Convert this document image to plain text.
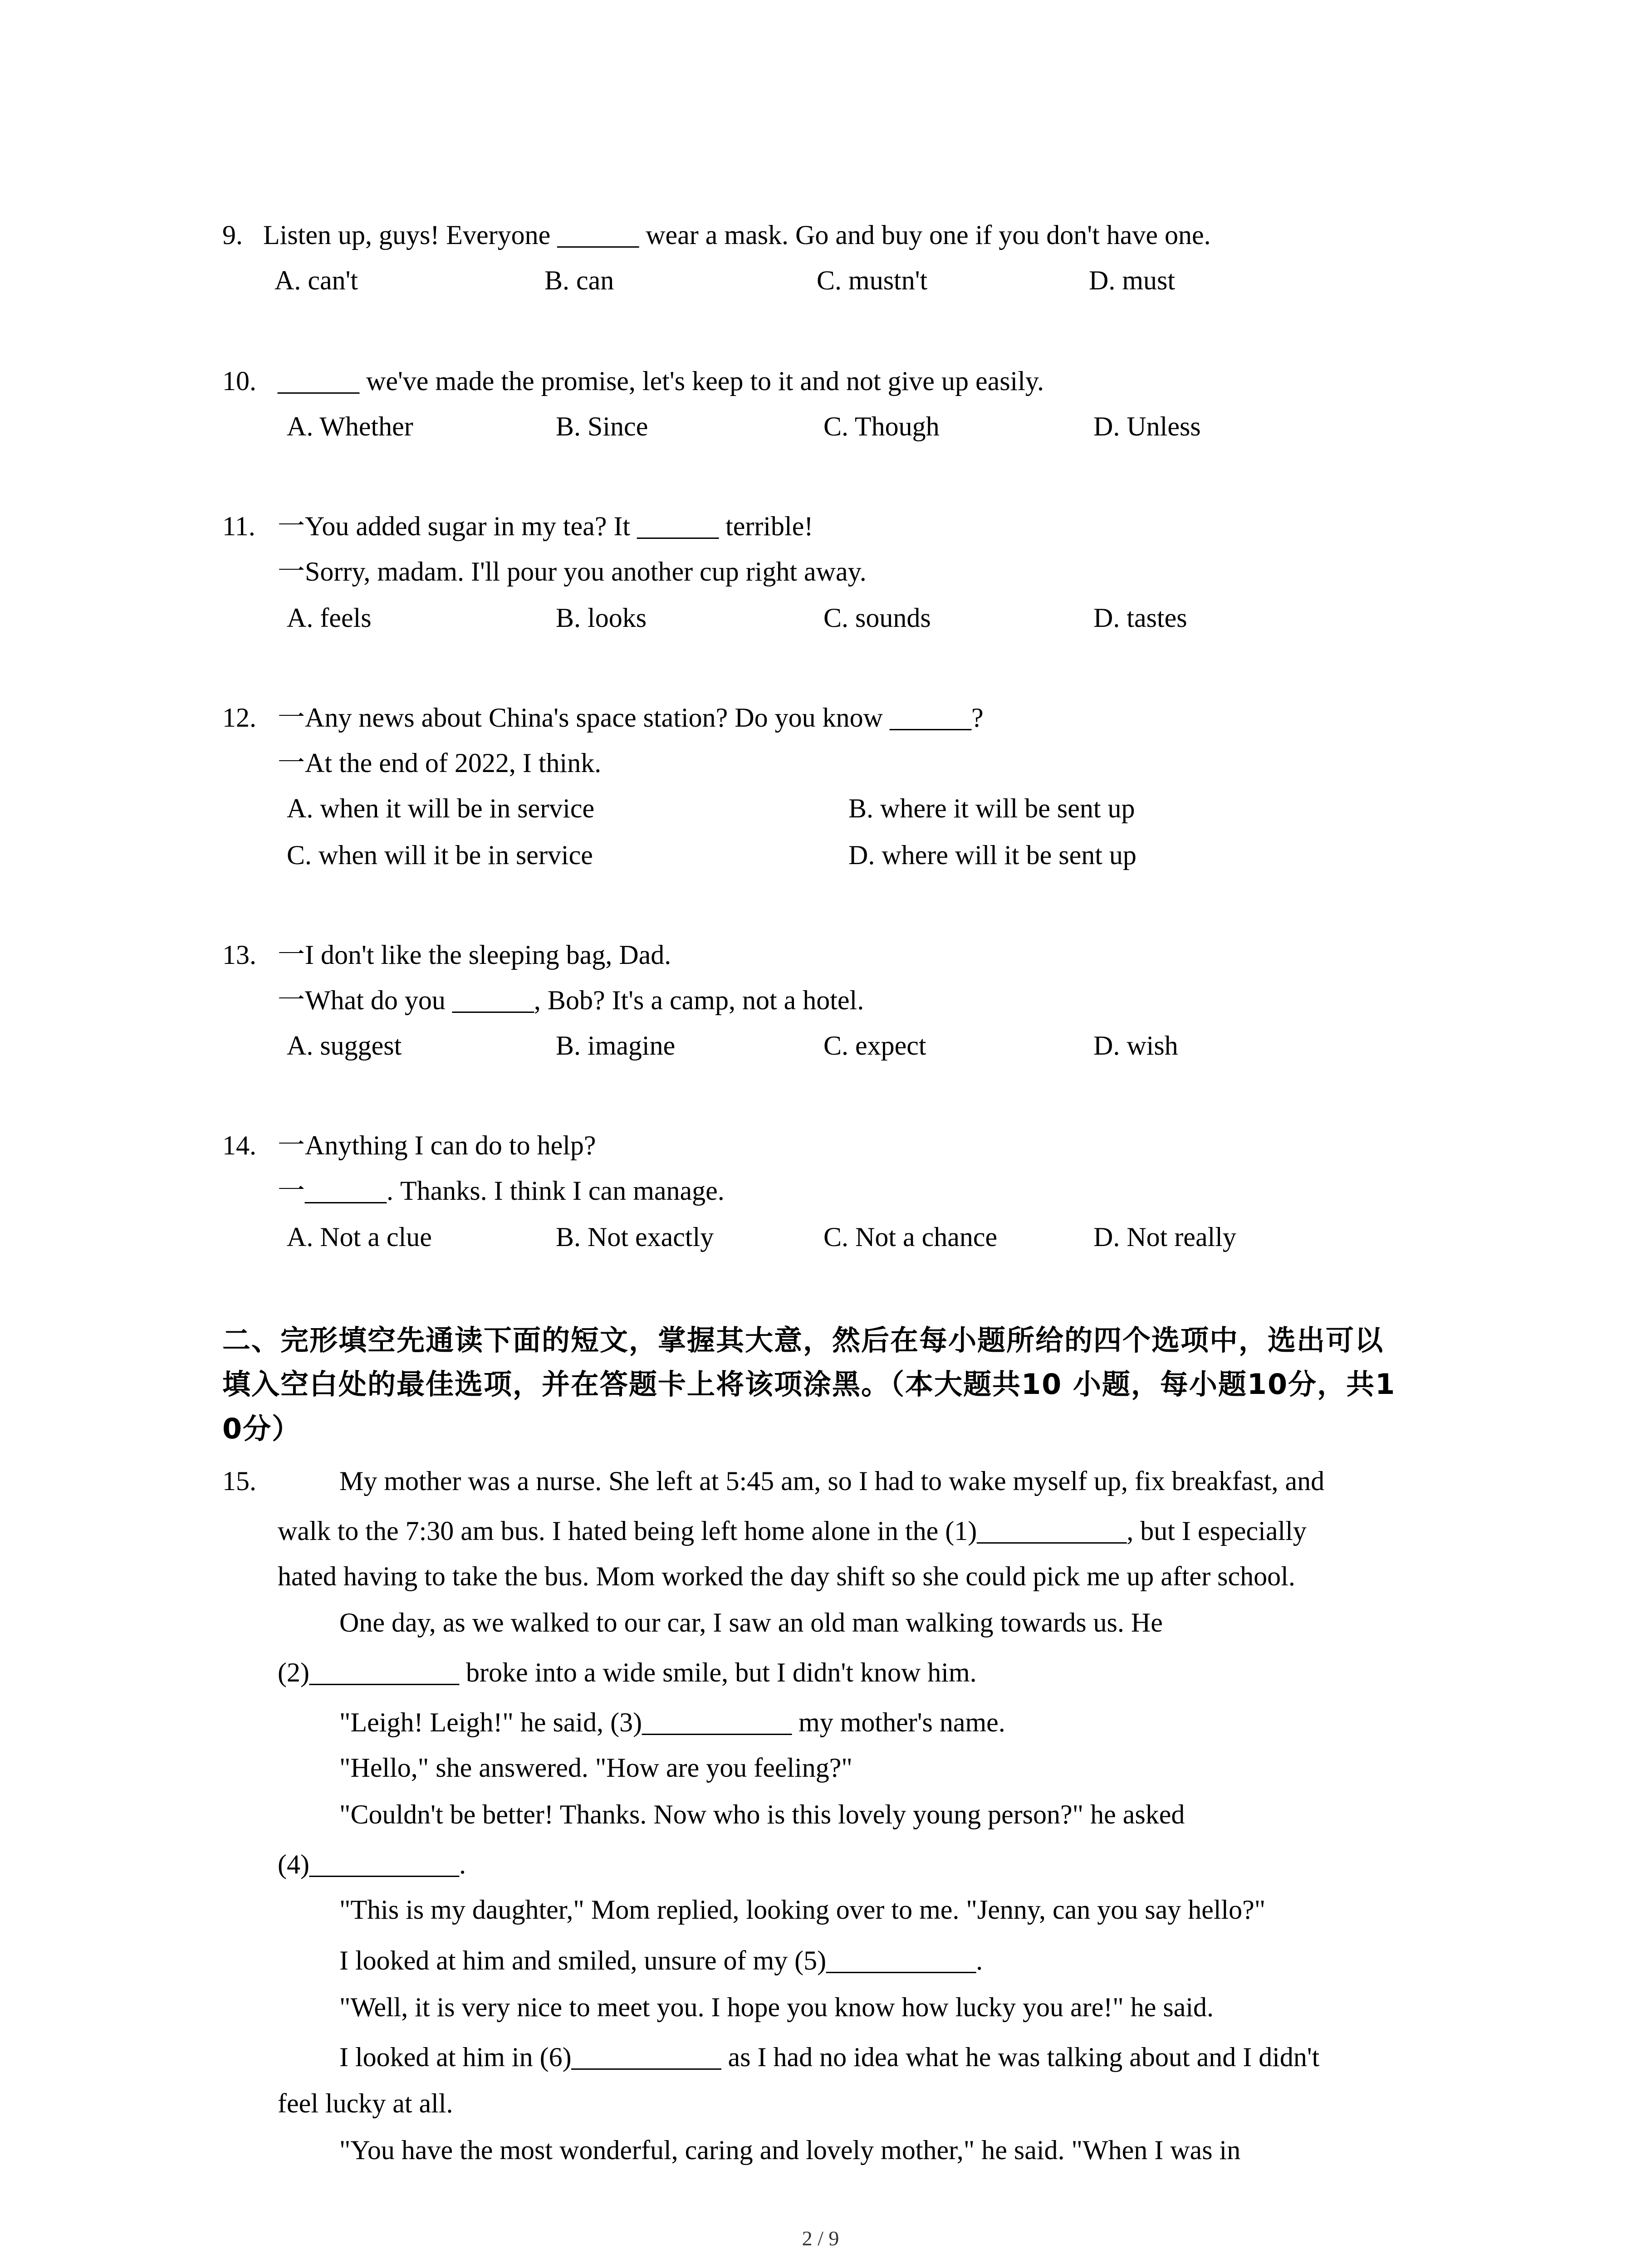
9. Listen up, guys! Everyone ______ wear a mask. Go and buy one if you don't have one.
A. can't	B. can	C. mustn't	D. must
10. ______ we've made the promise, let's keep to it and not give up easily.
A. Whether	B. Since	C. Though	D. Unless
11. 一You added sugar in my tea? It ______ terrible!
一Sorry, madam. I'll pour you another cup right away.
A. feels	B. looks	C. sounds	D. tastes
12. 一Any news about China's space station? Do you know ______?
一At the end of 2022, I think.
A. when it will be in service	B. where it will be sent up
C. when will it be in service	D. where will it be sent up
13. 一I don't like the sleeping bag, Dad.
一What do you ______, Bob? It's a camp, not a hotel.
A. suggest	B. imagine	C. expect	D. wish
14. 一Anything I can do to help?
一______. Thanks. I think I can manage.
A. Not a clue	B. Not exactly	C. Not a chance	D. Not really
二、完形填空先通读下面的短文，掌握其大意，然后在每小题所给的四个选项中，选出可以
填入空白处的最佳选项，并在答题卡上将该项涂黑。（本大题共10 小题，每小题10分，共1
0分）
15.	My mother was a nurse. She left at 5:45 am, so I had to wake myself up, fix breakfast, and
walk to the 7:30 am bus. I hated being left home alone in the (1)___________, but I especially
hated having to take the bus. Mom worked the day shift so she could pick me up after school.
One day, as we walked to our car, I saw an old man walking towards us. He
(2)___________ broke into a wide smile, but I didn't know him.
"Leigh! Leigh!" he said, (3)___________ my mother's name.
"Hello," she answered. "How are you feeling?"
"Couldn't be better! Thanks. Now who is this lovely young person?" he asked
(4)___________.
"This is my daughter," Mom replied, looking over to me. "Jenny, can you say hello?"
I looked at him and smiled, unsure of my (5)___________.
"Well, it is very nice to meet you. I hope you know how lucky you are!" he said.
I looked at him in (6)___________ as I had no idea what he was talking about and I didn't
feel lucky at all.
"You have the most wonderful, caring and lovely mother," he said. "When I was in
2 / 9
